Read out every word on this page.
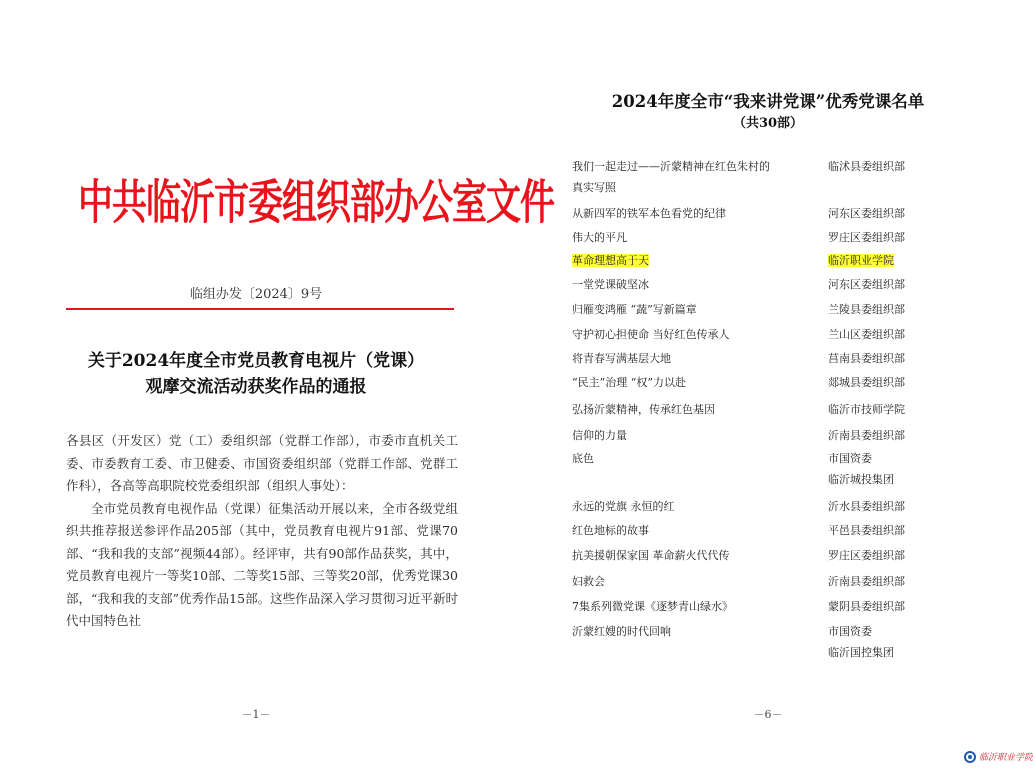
中共临沂市委组织部办公室文件
临组办发〔2024〕9号
关于2024年度全市党员教育电视片（党课）
观摩交流活动获奖作品的通报

各县区（开发区）党（工）委组织部（党群工作部），市委市直机关工委、市委教育工委、市卫健委、市国资委组织部（党群工作部、党群工作科），各高等高职院校党委组织部（组织人事处）：

全市党员教育电视作品（党课）征集活动开展以来，全市各级党组织共推荐报送参评作品205部（其中，党员教育电视片91部、党课70部、“我和我的支部”视频44部）。经评审，共有90部作品获奖，其中，党员教育电视片一等奖10部、二等奖15部、三等奖20部，优秀党课30部，“我和我的支部”优秀作品15部。这些作品深入学习贯彻习近平新时代中国特色社

－1－
2024年度全市“我来讲党课”优秀党课名单
（共30部）
我们一起走过——沂蒙精神在红色朱村的
真实写照
临沭县委组织部
从新四军的铁军本色看党的纪律	河东区委组织部
伟大的平凡	罗庄区委组织部
革命理想高于天	临沂职业学院
一堂党课破坚冰	河东区委组织部
归雁变鸿雁 “蔬”写新篇章	兰陵县委组织部
守护初心担使命 当好红色传承人	兰山区委组织部
将青春写满基层大地	莒南县委组织部
“民主”治理 “权”力以赴	郯城县委组织部
弘扬沂蒙精神，传承红色基因	临沂市技师学院
信仰的力量	沂南县委组织部
底色	市国资委
临沂城投集团
永远的党旗 永恒的红	沂水县委组织部
红色地标的故事	平邑县委组织部
抗美援朝保家国 革命薪火代代传	罗庄区委组织部
妇救会	沂南县委组织部
7集系列微党课《逐梦青山绿水》	蒙阴县委组织部
沂蒙红嫂的时代回响	市国资委
临沂国控集团
－6－
临沂职业学院
